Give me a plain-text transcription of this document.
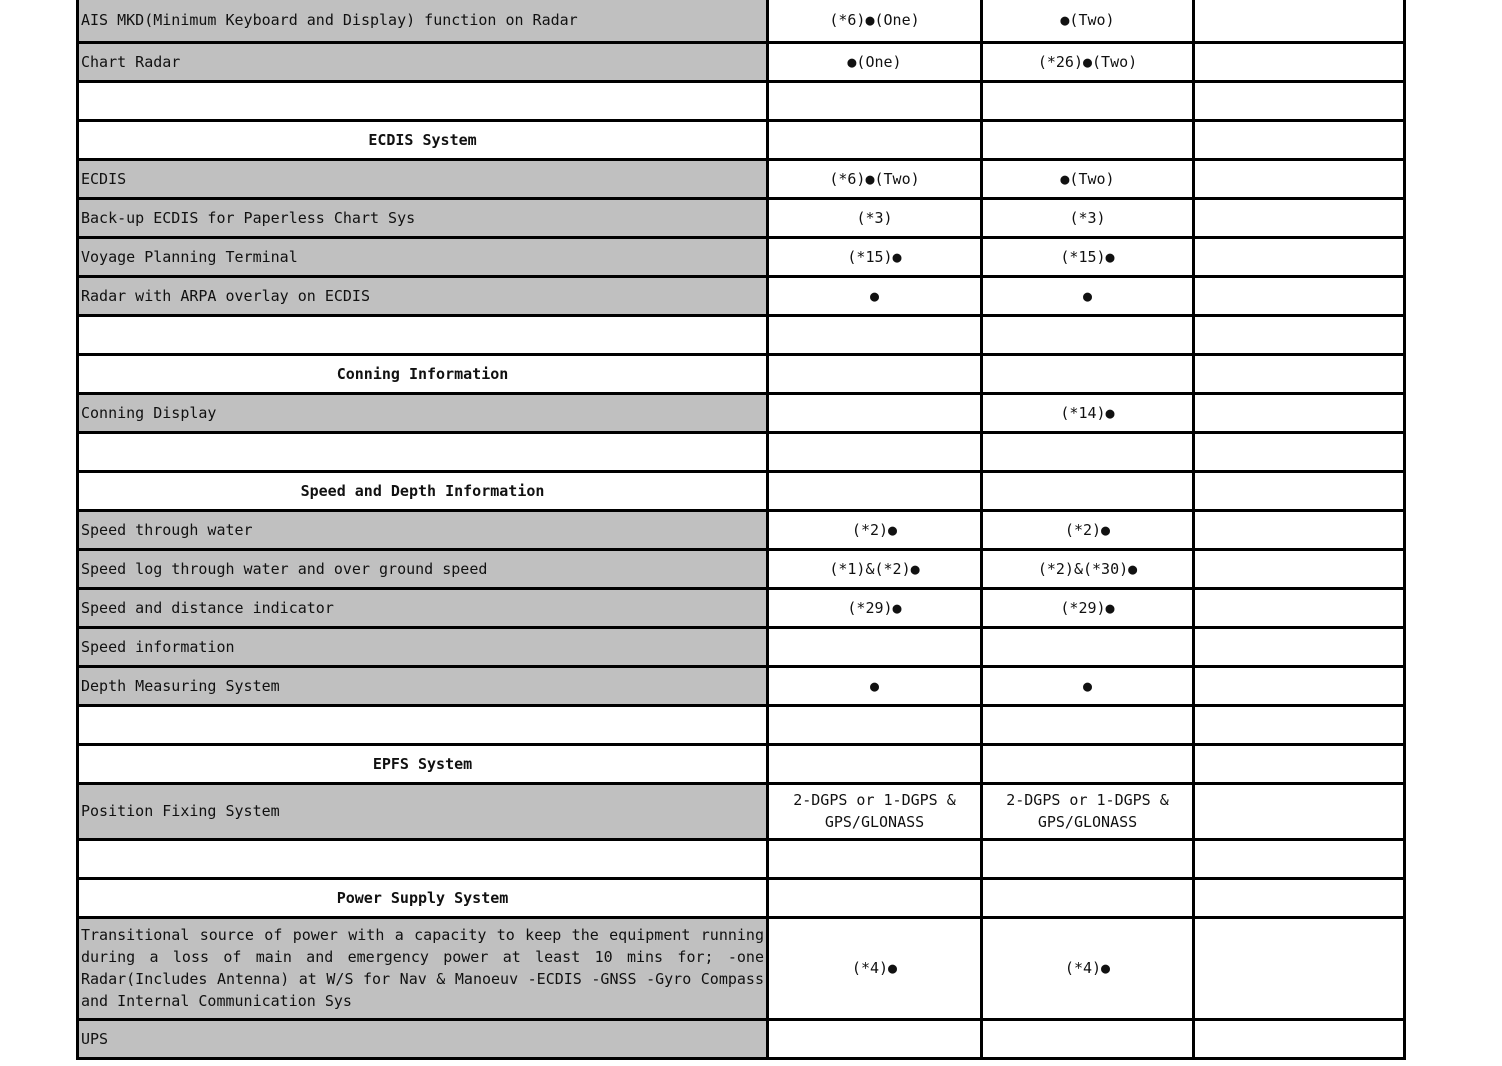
AIS MKD(Minimum Keyboard and Display) function on Radar	(*6)●(One)	●(Two)	
Chart Radar	●(One)	(*26)●(Two)	

ECDIS System			
ECDIS	(*6)●(Two)	●(Two)	
Back-up ECDIS for Paperless Chart Sys	(*3)	(*3)	
Voyage Planning Terminal	(*15)●	(*15)●	
Radar with ARPA overlay on ECDIS	●	●	

Conning Information			
Conning Display		(*14)●	

Speed and Depth Information			
Speed through water	(*2)●	(*2)●	
Speed log through water and over ground speed	(*1)&(*2)●	(*2)&(*30)●	
Speed and distance indicator	(*29)●	(*29)●	
Speed information			
Depth Measuring System	●	●	

EPFS System			
Position Fixing System	2-DGPS or 1-DGPS & GPS/GLONASS	2-DGPS or 1-DGPS & GPS/GLONASS	

Power Supply System			
Transitional source of power with a capacity to keep the equipment running during a loss of main and emergency power at least 10 mins for; -one Radar(Includes Antenna) at W/S for Nav & Manoeuv -ECDIS -GNSS -Gyro Compass and Internal Communication Sys	(*4)●	(*4)●	
UPS			
